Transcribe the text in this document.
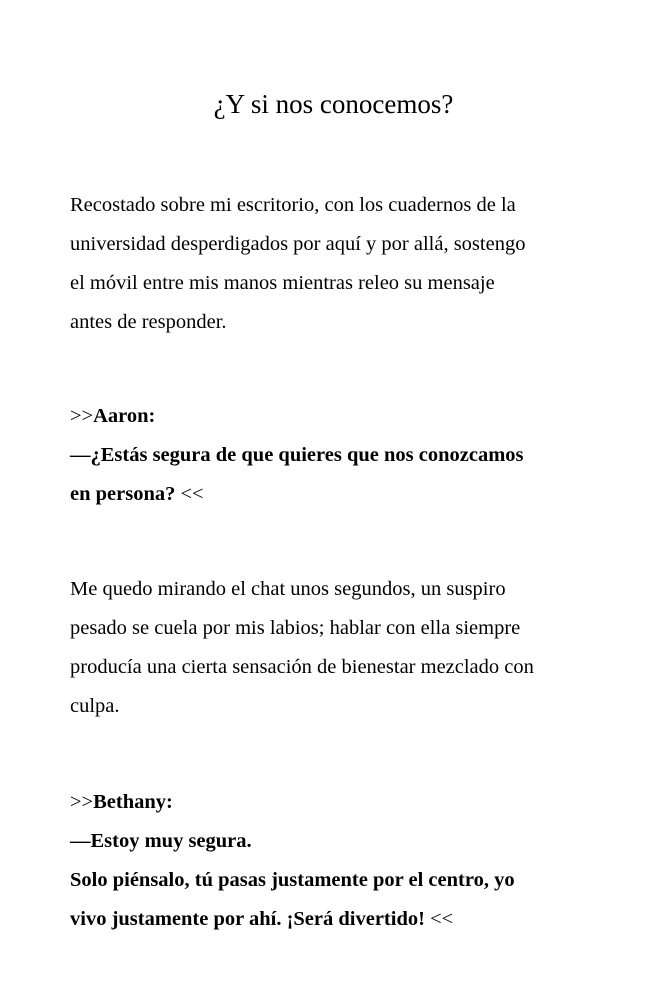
¿Y si nos conocemos?
Recostado sobre mi escritorio, con los cuadernos de la
universidad desperdigados por aquí y por allá, sostengo
el móvil entre mis manos mientras releo su mensaje
antes de responder.
>>Aaron:
—¿Estás segura de que quieres que nos conozcamos
en persona? <<
Me quedo mirando el chat unos segundos, un suspiro
pesado se cuela por mis labios; hablar con ella siempre
producía una cierta sensación de bienestar mezclado con
culpa.
>>Bethany:
—Estoy muy segura.
Solo piénsalo, tú pasas justamente por el centro, yo
vivo justamente por ahí. ¡Será divertido! <<
